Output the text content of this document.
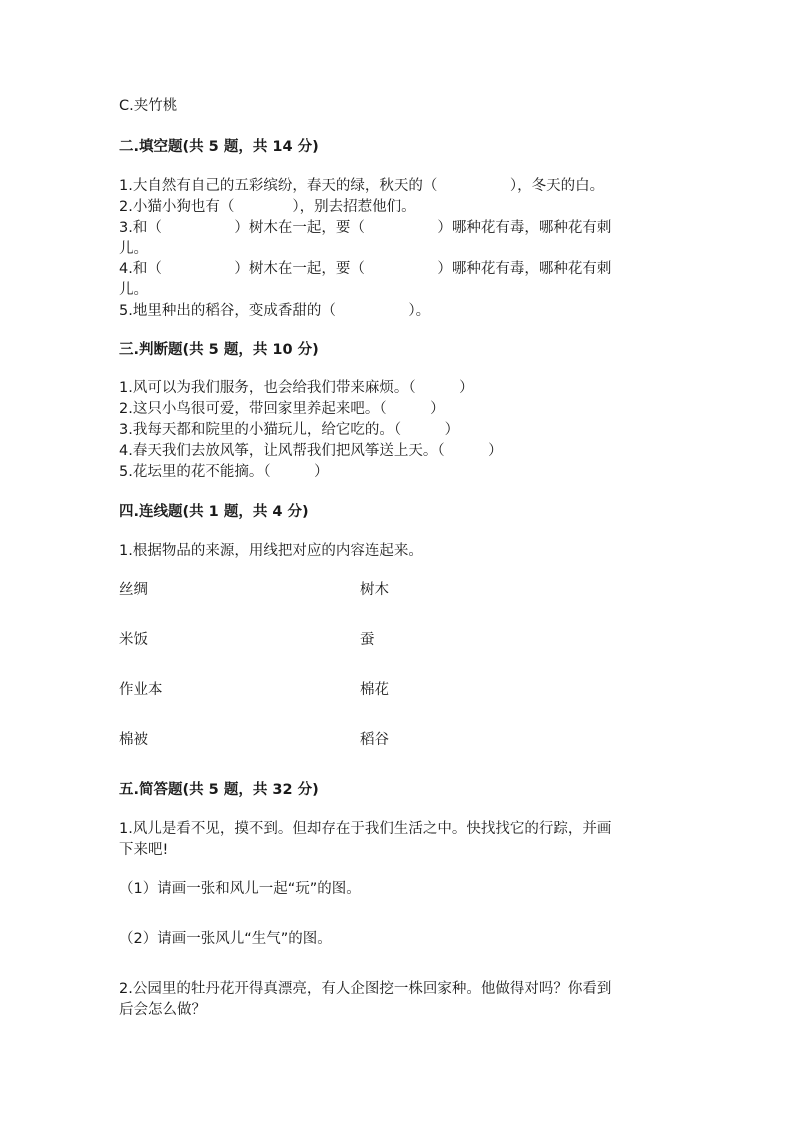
C.夹竹桃
二.填空题(共 5 题，共 14 分)
1.大自然有自己的五彩缤纷，春天的绿，秋天的（　　　　　），冬天的白。
2.小猫小狗也有（　　　　），别去招惹他们。
3.和（　　　　　）树木在一起，要（　　　　　）哪种花有毒，哪种花有刺
儿。
4.和（　　　　　）树木在一起，要（　　　　　）哪种花有毒，哪种花有刺
儿。
5.地里种出的稻谷，变成香甜的（　　　　　）。
三.判断题(共 5 题，共 10 分)
1.风可以为我们服务，也会给我们带来麻烦。（　　　）
2.这只小鸟很可爱，带回家里养起来吧。（　　　）
3.我每天都和院里的小猫玩儿，给它吃的。（　　　）
4.春天我们去放风筝，让风帮我们把风筝送上天。（　　　）
5.花坛里的花不能摘。（　　　）
四.连线题(共 1 题，共 4 分)
1.根据物品的来源，用线把对应的内容连起来。
丝绸	树木
米饭	蚕
作业本	棉花
棉被	稻谷
五.简答题(共 5 题，共 32 分)
1.风儿是看不见，摸不到。但却存在于我们生活之中。快找找它的行踪，并画
下来吧!
（1）请画一张和风儿一起“玩”的图。
（2）请画一张风儿“生气”的图。
2.公园里的牡丹花开得真漂亮，有人企图挖一株回家种。他做得对吗？你看到
后会怎么做？
